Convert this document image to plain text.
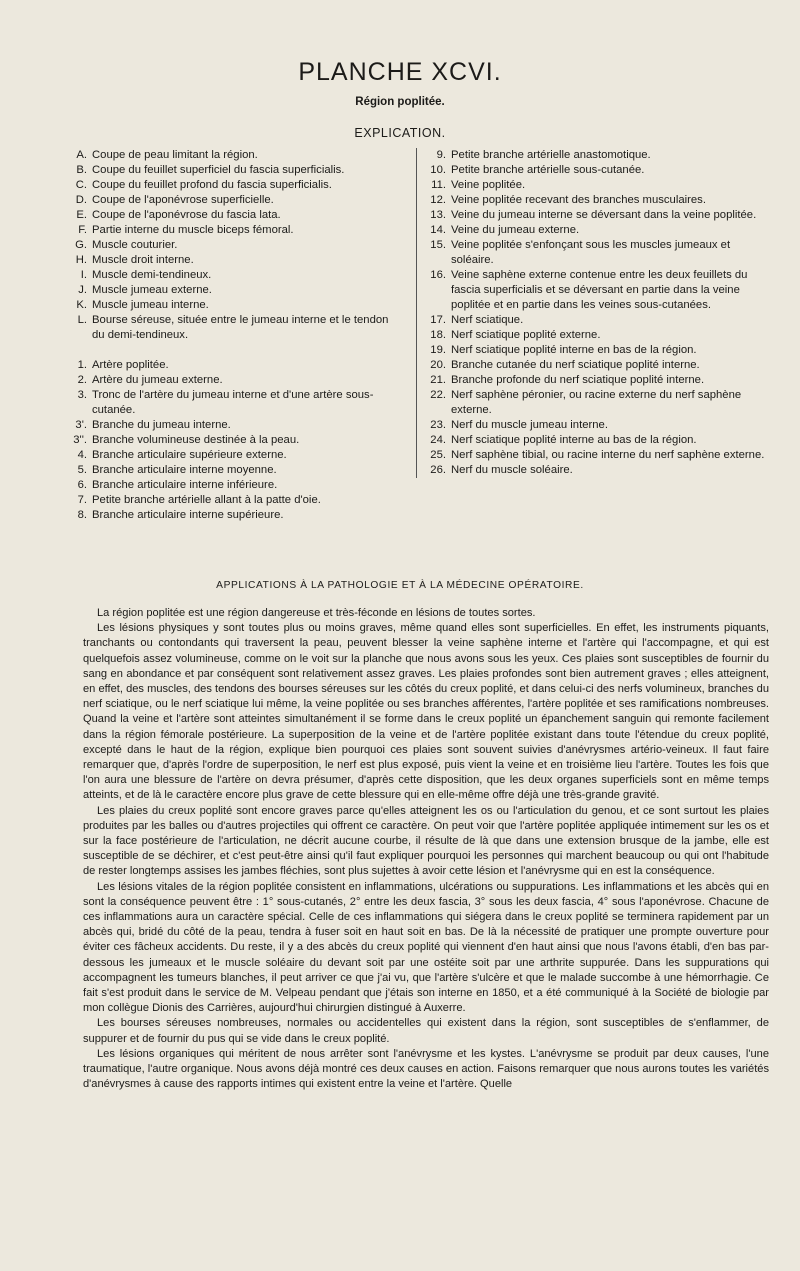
PLANCHE XCVI.
Région poplitée.
EXPLICATION.
A. Coupe de peau limitant la région.
B. Coupe du feuillet superficiel du fascia superficialis.
C. Coupe du feuillet profond du fascia superficialis.
D. Coupe de l'aponévrose superficielle.
E. Coupe de l'aponévrose du fascia lata.
F. Partie interne du muscle biceps fémoral.
G. Muscle couturier.
H. Muscle droit interne.
I. Muscle demi-tendineux.
J. Muscle jumeau externe.
K. Muscle jumeau interne.
L. Bourse séreuse, située entre le jumeau interne et le tendon du demi-tendineux.
1. Artère poplitée.
2. Artère du jumeau externe.
3. Tronc de l'artère du jumeau interne et d'une artère sous-cutanée.
3'. Branche du jumeau interne.
3''. Branche volumineuse destinée à la peau.
4. Branche articulaire supérieure externe.
5. Branche articulaire interne moyenne.
6. Branche articulaire interne inférieure.
7. Petite branche artérielle allant à la patte d'oie.
8. Branche articulaire interne supérieure.
9. Petite branche artérielle anastomotique.
10. Petite branche artérielle sous-cutanée.
11. Veine poplitée.
12. Veine poplitée recevant des branches musculaires.
13. Veine du jumeau interne se déversant dans la veine poplitée.
14. Veine du jumeau externe.
15. Veine poplitée s'enfonçant sous les muscles jumeaux et soléaire.
16. Veine saphène externe contenue entre les deux feuillets du fascia superficialis et se déversant en partie dans la veine poplitée et en partie dans les veines sous-cutanées.
17. Nerf sciatique.
18. Nerf sciatique poplité externe.
19. Nerf sciatique poplité interne en bas de la région.
20. Branche cutanée du nerf sciatique poplité interne.
21. Branche profonde du nerf sciatique poplité interne.
22. Nerf saphène péronier, ou racine externe du nerf saphène externe.
23. Nerf du muscle jumeau interne.
24. Nerf sciatique poplité interne au bas de la région.
25. Nerf saphène tibial, ou racine interne du nerf saphène externe.
26. Nerf du muscle soléaire.
APPLICATIONS À LA PATHOLOGIE ET À LA MÉDECINE OPÉRATOIRE.

La région poplitée est une région dangereuse et très-féconde en lésions de toutes sortes.

Les lésions physiques y sont toutes plus ou moins graves, même quand elles sont superficielles. En effet, les instruments piquants, tranchants ou contondants qui traversent la peau, peuvent blesser la veine saphène interne et l'artère qui l'accompagne, et qui est quelquefois assez volumineuse, comme on le voit sur la planche que nous avons sous les yeux. Ces plaies sont susceptibles de fournir du sang en abondance et par conséquent sont relativement assez graves. Les plaies profondes sont bien autrement graves ; elles atteignent, en effet, des muscles, des tendons des bourses séreuses sur les côtés du creux poplité, et dans celui-ci des nerfs volumineux, branches du nerf sciatique, ou le nerf sciatique lui même, la veine poplitée ou ses branches afférentes, l'artère poplitée et ses ramifications nombreuses. Quand la veine et l'artère sont atteintes simultanément il se forme dans le creux poplité un épanchement sanguin qui remonte facilement dans la région fémorale postérieure. La superposition de la veine et de l'artère poplitée existant dans toute l'étendue du creux poplité, excepté dans le haut de la région, explique bien pourquoi ces plaies sont souvent suivies d'anévrysmes artério-veineux. Il faut faire remarquer que, d'après l'ordre de superposition, le nerf est plus exposé, puis vient la veine et en troisième lieu l'artère. Toutes les fois que l'on aura une blessure de l'artère on devra présumer, d'après cette disposition, que les deux organes superficiels sont en même temps atteints, et de là le caractère encore plus grave de cette blessure qui en elle-même offre déjà une très-grande gravité.

Les plaies du creux poplité sont encore graves parce qu'elles atteignent les os ou l'articulation du genou, et ce sont surtout les plaies produites par les balles ou d'autres projectiles qui offrent ce caractère. On peut voir que l'artère poplitée appliquée intimement sur les os et sur la face postérieure de l'articulation, ne décrit aucune courbe, il résulte de là que dans une extension brusque de la jambe, elle est susceptible de se déchirer, et c'est peut-être ainsi qu'il faut expliquer pourquoi les personnes qui marchent beaucoup ou qui ont l'habitude de rester longtemps assises les jambes fléchies, sont plus sujettes à avoir cette lésion et l'anévrysme qui en est la conséquence.

Les lésions vitales de la région poplitée consistent en inflammations, ulcérations ou suppurations. Les inflammations et les abcès qui en sont la conséquence peuvent être : 1° sous-cutanés, 2° entre les deux fascia, 3° sous les deux fascia, 4° sous l'aponévrose. Chacune de ces inflammations aura un caractère spécial. Celle de ces inflammations qui siégera dans le creux poplité se terminera rapidement par un abcès qui, bridé du côté de la peau, tendra à fuser soit en haut soit en bas. De là la nécessité de pratiquer une prompte ouverture pour éviter ces fâcheux accidents. Du reste, il y a des abcès du creux poplité qui viennent d'en haut ainsi que nous l'avons établi, d'en bas par-dessous les jumeaux et le muscle soléaire du devant soit par une ostéite soit par une arthrite suppurée. Dans les suppurations qui accompagnent les tumeurs blanches, il peut arriver ce que j'ai vu, que l'artère s'ulcère et que le malade succombe à une hémorrhagie. Ce fait s'est produit dans le service de M. Velpeau pendant que j'étais son interne en 1850, et a été communiqué à la Société de biologie par mon collègue Dionis des Carrières, aujourd'hui chirurgien distingué à Auxerre.

Les bourses séreuses nombreuses, normales ou accidentelles qui existent dans la région, sont susceptibles de s'enflammer, de suppurer et de fournir du pus qui se vide dans le creux poplité.

Les lésions organiques qui méritent de nous arrêter sont l'anévrysme et les kystes. L'anévrysme se produit par deux causes, l'une traumatique, l'autre organique. Nous avons déjà montré ces deux causes en action. Faisons remarquer que nous aurons toutes les variétés d'anévrysmes à cause des rapports intimes qui existent entre la veine et l'artère. Quelle
